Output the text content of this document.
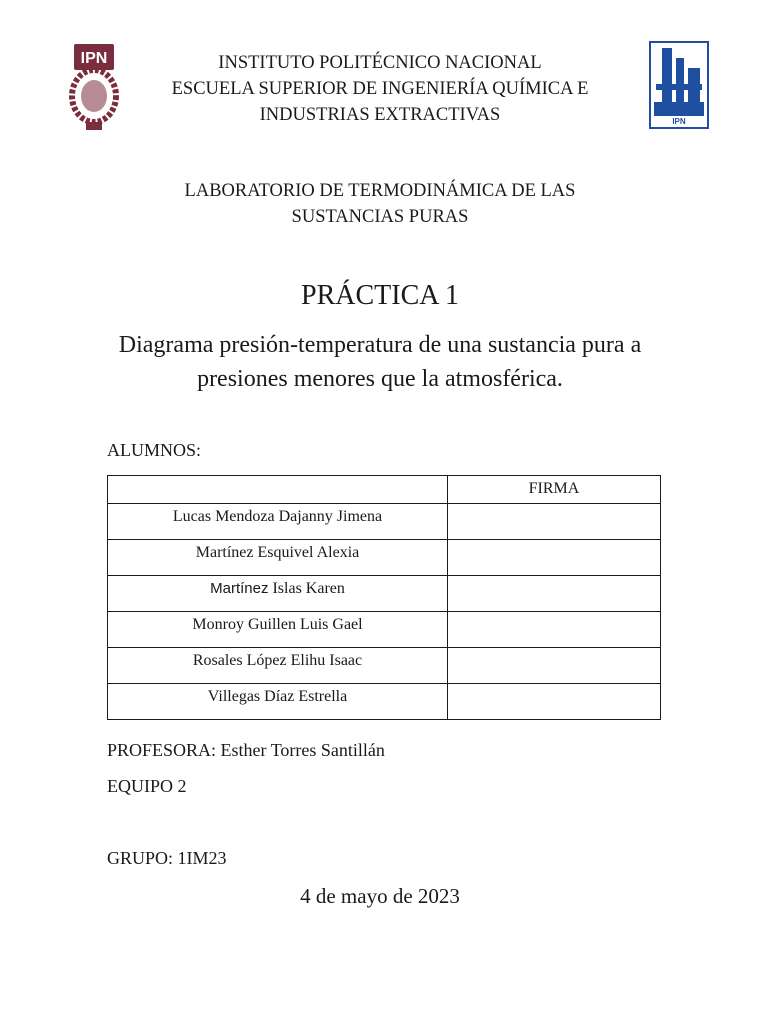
IPN
IPN
INSTITUTO POLITÉCNICO NACIONAL
ESCUELA SUPERIOR DE INGENIERÍA QUÍMICA E
INDUSTRIAS EXTRACTIVAS
LABORATORIO DE TERMODINÁMICA DE LAS
SUSTANCIAS PURAS
PRÁCTICA 1
Diagrama presión-temperatura de una sustancia pura a
presiones menores que la atmosférica.
ALUMNOS:
	FIRMA
Lucas Mendoza Dajanny Jimena	
Martínez Esquivel Alexia	
Martínez Islas Karen	
Monroy Guillen Luis Gael	
Rosales López Elihu Isaac	
Villegas Díaz Estrella	
PROFESORA: Esther Torres Santillán
EQUIPO 2
GRUPO: 1IM23
4 de mayo de 2023
